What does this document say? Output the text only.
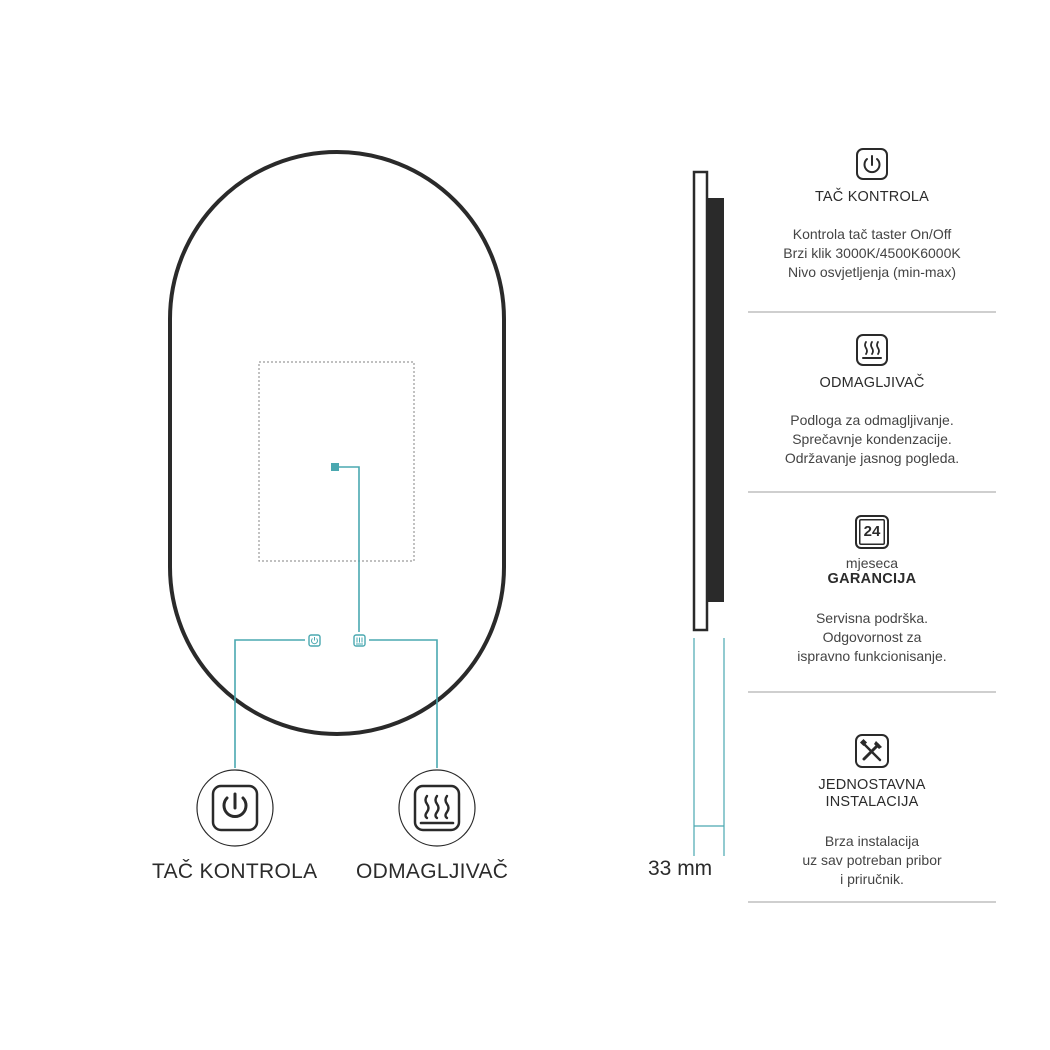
TAČ KONTROLA ODMAGLJIVAČ	33 mm
TAČ KONTROLA
Kontrola tač taster On/Off
Brzi klik 3000K/4500K6000K
Nivo osvjetljenja (min-max)
ODMAGLJIVAČ
Podloga za odmagljivanje.
Sprečavnje kondenzacije.
Održavanje jasnog pogleda.
24
mjeseca
GARANCIJA
Servisna podrška.
Odgovornost za
ispravno funkcionisanje.
JEDNOSTAVNA
INSTALACIJA
Brza instalacija
uz sav potreban pribor
i priručnik.
